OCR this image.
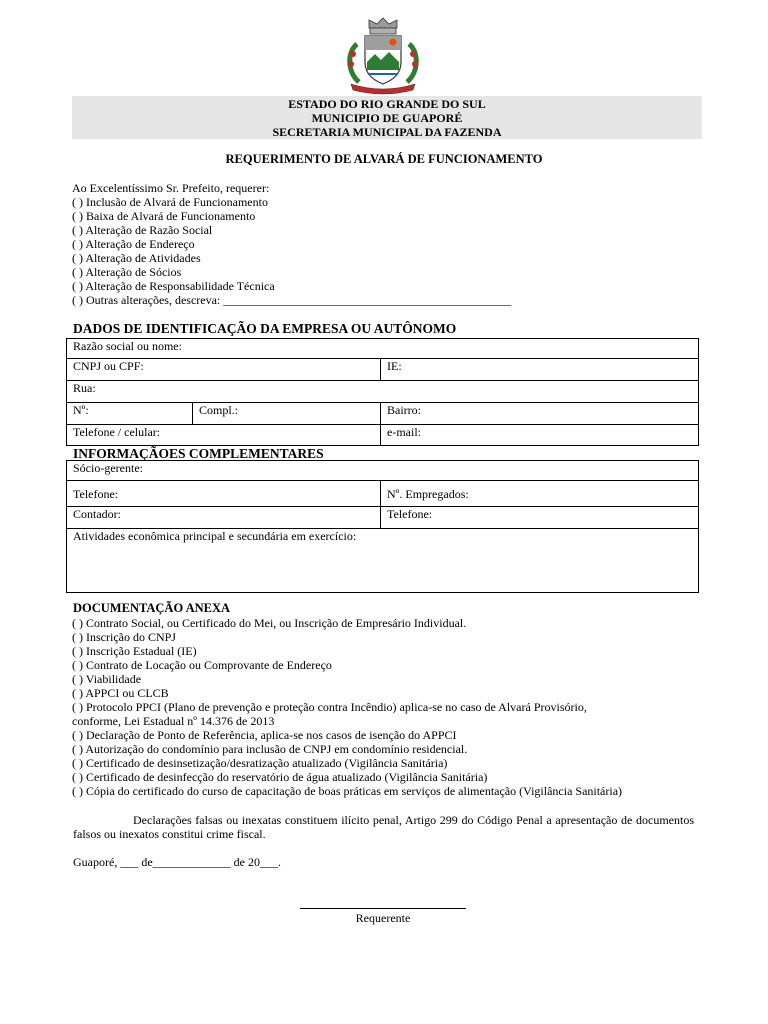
ESTADO DO RIO GRANDE DO SUL
MUNICIPIO DE GUAPORÉ
SECRETARIA MUNICIPAL DA FAZENDA
REQUERIMENTO DE ALVARÁ DE FUNCIONAMENTO
Ao Excelentíssimo Sr. Prefeito, requerer:
( ) Inclusão de Alvará de Funcionamento
( ) Baixa de Alvará de Funcionamento
( ) Alteração de Razão Social
( ) Alteração de Endereço
( ) Alteração de Atividades
( ) Alteração de Sócios
( ) Alteração de Responsabilidade Técnica
( ) Outras alterações, descreva: ________________________________________________
DADOS DE IDENTIFICAÇÃO DA EMPRESA OU AUTÔNOMO
Razão social ou nome:		
CNPJ ou CPF:		IE:
Rua:		
Nº:	Compl.:	Bairro:
Telefone / celular:		e-mail:
INFORMAÇÃOES COMPLEMENTARES
Sócio-gerente:	
Telefone:	Nº. Empregados:
Contador:	Telefone:
Atividades econômica principal e secundária em exercício:	
DOCUMENTAÇÃO ANEXA
( ) Contrato Social, ou Certificado do Mei, ou Inscrição de Empresário Individual.
( ) Inscrição do CNPJ
( ) Inscrição Estadual (IE)
( ) Contrato de Locação ou Comprovante de Endereço
( ) Viabilidade
( ) APPCI ou CLCB
( ) Protocolo PPCI (Plano de prevenção e proteção contra Incêndio) aplica-se no caso de Alvará Provisório,
conforme, Lei Estadual nº 14.376 de 2013
( ) Declaração de Ponto de Referência, aplica-se nos casos de isenção do APPCI
( ) Autorização do condomínio para inclusão de CNPJ em condomínio residencial.
( ) Certificado de desinsetização/desratização atualizado (Vigilância Sanitária)
( ) Certificado de desinfecção do reservatório de água atualizado (Vigilância Sanitária)
( ) Cópia do certificado do curso de capacitação de boas práticas em serviços de alimentação (Vigilância Sanitária)
Declarações falsas ou inexatas constituem ilícito penal, Artigo 299 do Código Penal a apresentação de documentos falsos ou inexatos constitui crime fiscal.
Guaporé, ___ de_____________ de 20___.
Requerente
